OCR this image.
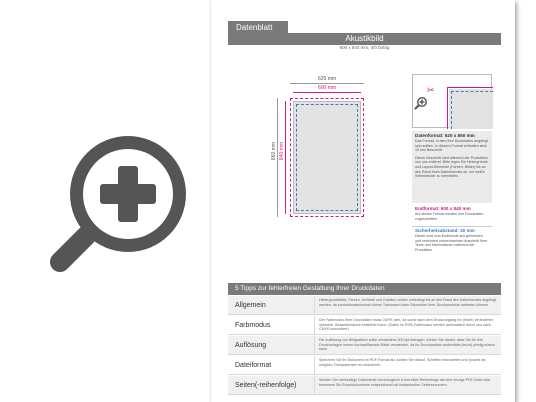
Datenblatt
Akustikbild
600 x 840 mm, 4/0 farbig
620 mm
600 mm
860 mm 840 mm
✂
Datenformat: 620 x 860 mm
Das Format, in dem Ihre Druckdaten angelegt sein sollten. In diesem Format enthalten sind: 10 mm Beschnitt.
Dieser Beschnitt wird während der Produktion von uns entfernt. Bitte legen Sie Hintergründe und Layout-Elemente (Farben, Bilder) bis an den Rand Ihres Datenformats an, um weiße Seitenränder zu vermeiden.
Endformat: 600 x 840 mm
Auf dieses Format werden Ihre Druckdaten zugeschnitten.
Sicherheitsabstand: 40 mm
Dieser wird vom Endformat aus gemessen und verhindert unerwünschten Anschnitt Ihrer Texte und Informationen während der Produktion.
5 Tipps zur fehlerfreien Gestaltung Ihrer Druckdaten
Allgemein
Hintergrundbilder, Farben, Verläufe und Grafiken sollten unbedingt bis an den Rand des Datenformats angelegt werden, da produktionstechnisch kleine Toleranzen beim Schneiden Ihrer Druckprodukte auftreten können.
Farbmodus
Der Farbmodus Ihrer Druckdaten muss CMYK sein, da sonst nach dem Druckvorgang ein (leicht) veränderter, optischer Gesamteindruck entstehen kann. (Daten im RGB-Farbmodus werden automatisch durch uns nach CMYK konvertiert.)
Auflösung
Die Auflösung von Bildgrafiken sollte mindestens 300 dpi betragen. Achten Sie darauf, dass Sie für Ihre Druckvorlagen immer hochauflösende Bilder verwenden, da Ihr Druckprodukt andernfalls (leicht) pixelig wirken kann.
Dateiformat
Speichern Sie Ihr Dokument im PDF-Format ab. Achten Sie darauf, Schriften einzubetten und (soweit als möglich) Transparenzen zu reduzieren.
Seiten(-reihenfolge)
Senden Sie mehrseitige Dokumente chronologisch in korrekter Reihenfolge als eine einzige PDF-Datei oder benennen Sie Einzeldokumente entsprechend mit fortlaufenden Seitennummern.
